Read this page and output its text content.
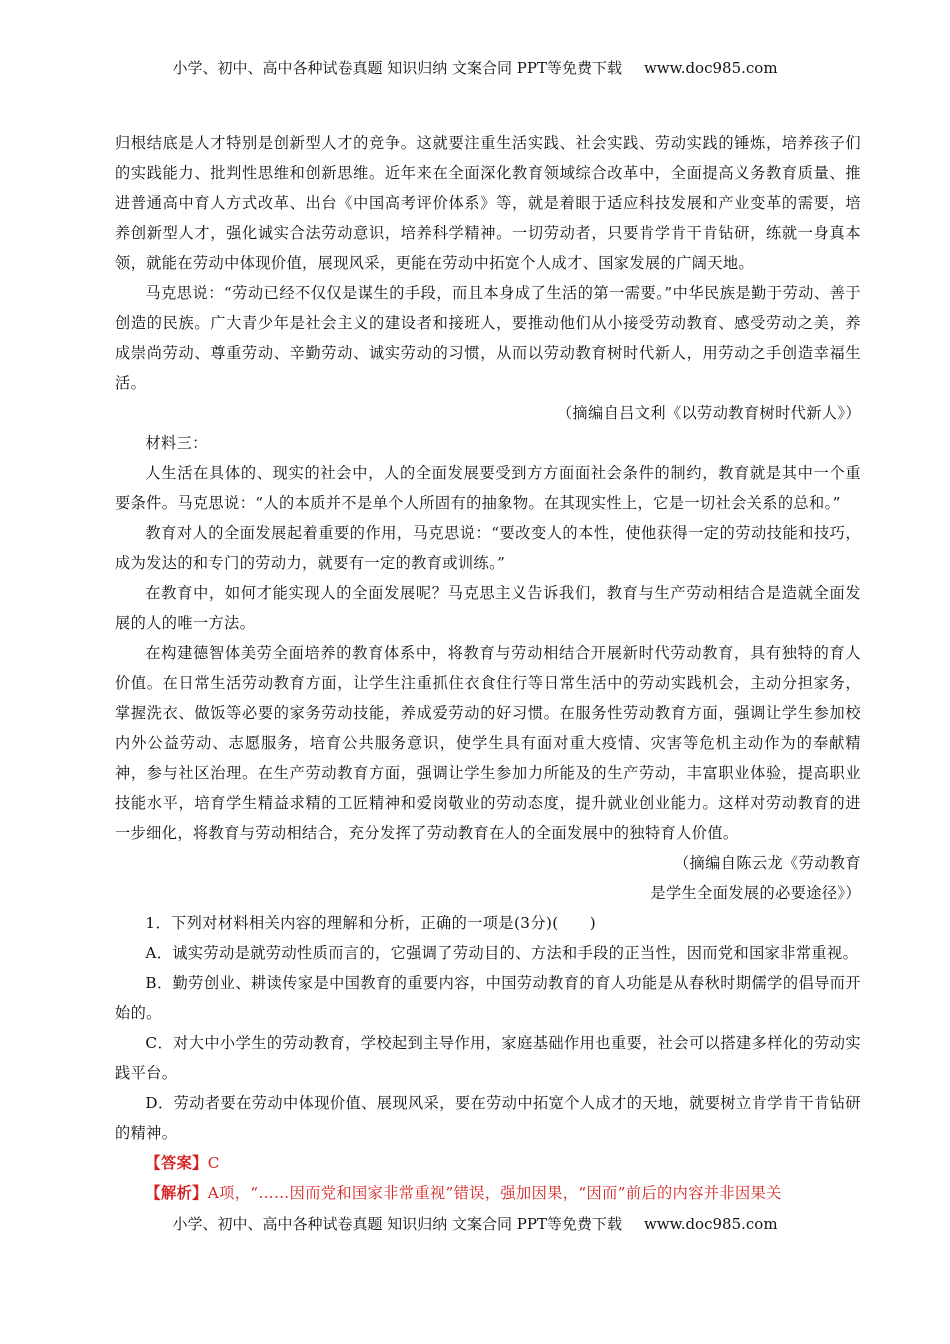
小学、初中、高中各种试卷真题 知识归纳 文案合同 PPT等免费下载 www.doc985.com

归根结底是人才特别是创新型人才的竞争。这就要注重生活实践、社会实践、劳动实践的锤炼，培养孩子们的实践能力、批判性思维和创新思维。近年来在全面深化教育领域综合改革中，全面提高义务教育质量、推进普通高中育人方式改革、出台《中国高考评价体系》等，就是着眼于适应科技发展和产业变革的需要，培养创新型人才，强化诚实合法劳动意识，培养科学精神。一切劳动者，只要肯学肯干肯钻研，练就一身真本领，就能在劳动中体现价值，展现风采，更能在劳动中拓宽个人成才、国家发展的广阔天地。

马克思说：“劳动已经不仅仅是谋生的手段，而且本身成了生活的第一需要。”中华民族是勤于劳动、善于创造的民族。广大青少年是社会主义的建设者和接班人，要推动他们从小接受劳动教育、感受劳动之美，养成崇尚劳动、尊重劳动、辛勤劳动、诚实劳动的习惯，从而以劳动教育树时代新人，用劳动之手创造幸福生活。

（摘编自吕文利《以劳动教育树时代新人》）

材料三：

人生活在具体的、现实的社会中，人的全面发展要受到方方面面社会条件的制约，教育就是其中一个重要条件。马克思说：“人的本质并不是单个人所固有的抽象物。在其现实性上，它是一切社会关系的总和。”

教育对人的全面发展起着重要的作用，马克思说：“要改变人的本性，使他获得一定的劳动技能和技巧，成为发达的和专门的劳动力，就要有一定的教育或训练。”

在教育中，如何才能实现人的全面发展呢？马克思主义告诉我们，教育与生产劳动相结合是造就全面发展的人的唯一方法。

在构建德智体美劳全面培养的教育体系中，将教育与劳动相结合开展新时代劳动教育，具有独特的育人价值。在日常生活劳动教育方面，让学生注重抓住衣食住行等日常生活中的劳动实践机会，主动分担家务，掌握洗衣、做饭等必要的家务劳动技能，养成爱劳动的好习惯。在服务性劳动教育方面，强调让学生参加校内外公益劳动、志愿服务，培育公共服务意识，使学生具有面对重大疫情、灾害等危机主动作为的奉献精神，参与社区治理。在生产劳动教育方面，强调让学生参加力所能及的生产劳动，丰富职业体验，提高职业技能水平，培育学生精益求精的工匠精神和爱岗敬业的劳动态度，提升就业创业能力。这样对劳动教育的进一步细化，将教育与劳动相结合，充分发挥了劳动教育在人的全面发展中的独特育人价值。

（摘编自陈云龙《劳动教育

是学生全面发展的必要途径》）

1．下列对材料相关内容的理解和分析，正确的一项是(3分)(　　)

A．诚实劳动是就劳动性质而言的，它强调了劳动目的、方法和手段的正当性，因而党和国家非常重视。

B．勤劳创业、耕读传家是中国教育的重要内容，中国劳动教育的育人功能是从春秋时期儒学的倡导而开始的。

C．对大中小学生的劳动教育，学校起到主导作用，家庭基础作用也重要，社会可以搭建多样化的劳动实践平台。

D．劳动者要在劳动中体现价值、展现风采，要在劳动中拓宽个人成才的天地，就要树立肯学肯干肯钻研的精神。

【答案】C

【解析】A项，“……因而党和国家非常重视”错误，强加因果，“因而”前后的内容并非因果关

小学、初中、高中各种试卷真题 知识归纳 文案合同 PPT等免费下载 www.doc985.com
